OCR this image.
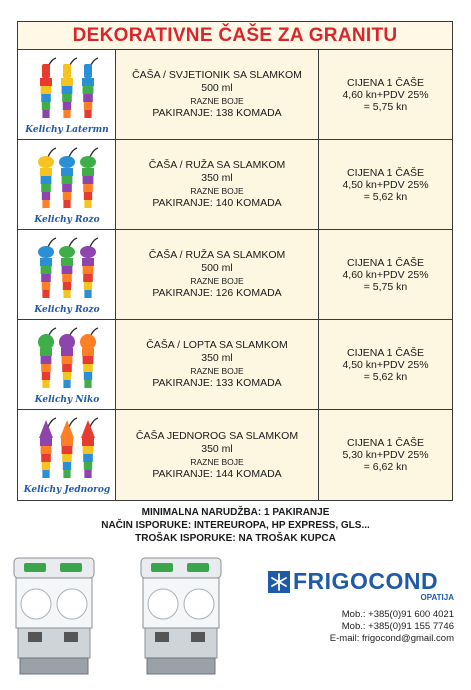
DEKORATIVNE ČAŠE ZA GRANITU
Kelichy Latermn
ČAŠA / SVJETIONIK SA SLAMKOM
500 ml
RAZNE BOJE
PAKIRANJE: 138 KOMADA
CIJENA 1 ČAŠE
4,60 kn+PDV 25%
= 5,75 kn
Kelichy Rozo
ČAŠA / RUŽA SA SLAMKOM
350 ml
RAZNE BOJE
PAKIRANJE: 140 KOMADA
CIJENA 1 ČAŠE
4,50 kn+PDV 25%
= 5,62 kn
Kelichy Rozo
ČAŠA / RUŽA SA SLAMKOM
500 ml
RAZNE BOJE
PAKIRANJE: 126 KOMADA
CIJENA 1 ČAŠE
4,60 kn+PDV 25%
= 5,75 kn
Kelichy Niko
ČAŠA / LOPTA SA SLAMKOM
350 ml
RAZNE BOJE
PAKIRANJE: 133 KOMADA
CIJENA 1 ČAŠE
4,50 kn+PDV 25%
= 5,62 kn
Kelichy Jednorog
ČAŠA JEDNOROG SA SLAMKOM
350 ml
RAZNE BOJE
PAKIRANJE: 144 KOMADA
CIJENA 1 ČAŠE
5,30 kn+PDV 25%
= 6,62 kn
MINIMALNA NARUDŽBA: 1 PAKIRANJE
NAČIN ISPORUKE: INTEREUROPA, HP EXPRESS, GLS...
TROŠAK ISPORUKE: NA TROŠAK KUPCA
FRIGOCOND
OPATIJA
Mob.: +385(0)91 600 4021
Mob.: +385(0)91 155 7746
E-mail: frigocond@gmail.com
